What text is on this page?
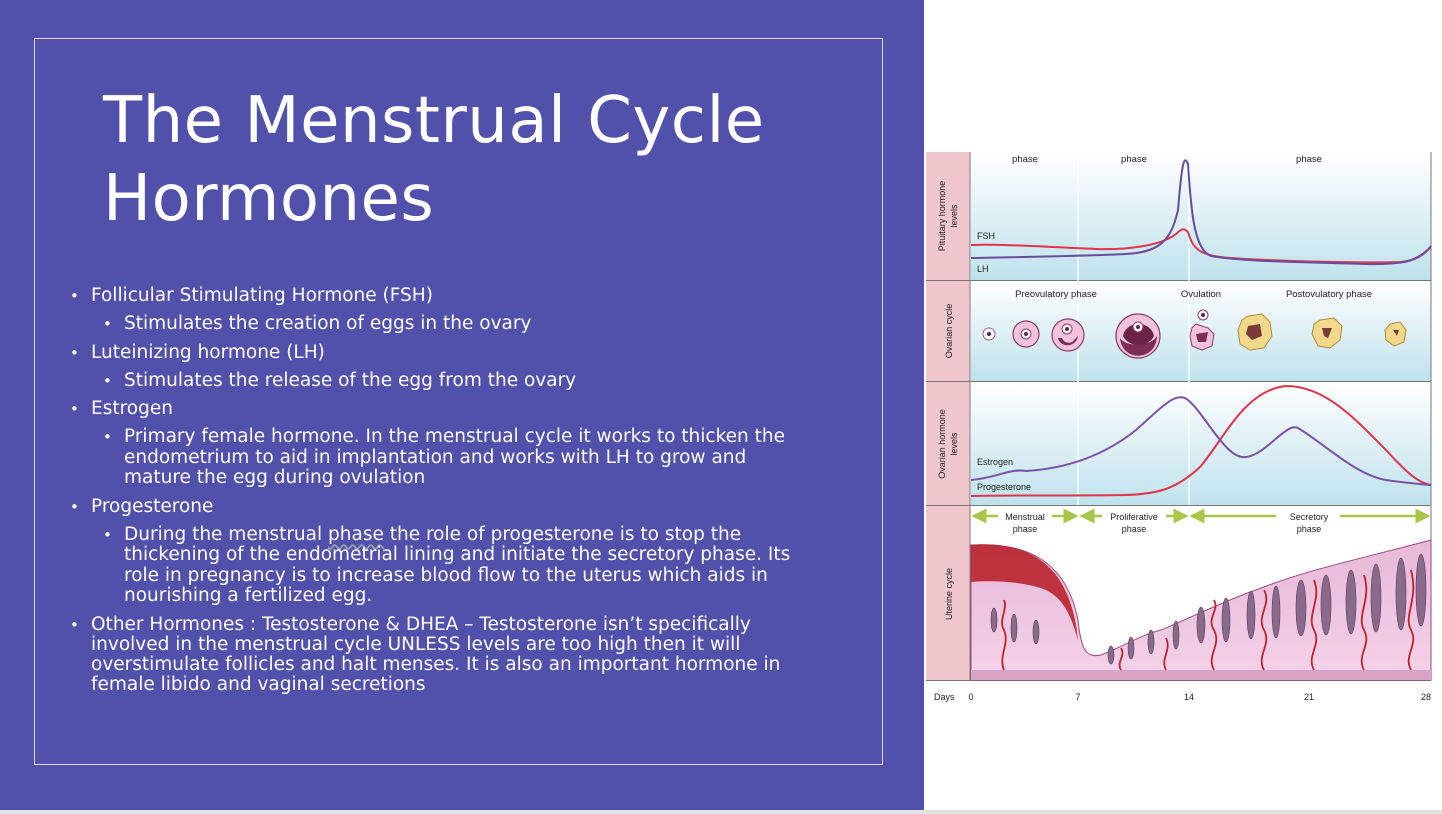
The Menstrual Cycle
Hormones
• Follicular Stimulating Hormone (FSH)
• Stimulates the creation of eggs in the ovary
• Luteinizing hormone (LH)
• Stimulates the release of the egg from the ovary
• Estrogen
• Primary female hormone. In the menstrual cycle it works to thicken the
endometrium to aid in implantation and works with LH to grow and
mature the egg during ovulation
• Progesterone
• During the menstrual phase the role of progesterone is to stop the
thickening of the endometrial lining and initiate the secretory phase. Its
role in pregnancy is to increase blood flow to the uterus which aids in
nourishing a fertilized egg.
• Other Hormones : Testosterone & DHEA – Testosterone isn’t specifically
involved in the menstrual cycle UNLESS levels are too high then it will
overstimulate follicles and halt menses. It is also an important hormone in
female libido and vaginal secretions
Pituitary hormone levels
Ovarian cycle
Ovarian hormone levels
Uterine cycle
phase	phase	phase
FSH
LH
Preovulatory phase	Ovulation	Postovulatory phase
Estrogen
Progesterone
Menstrual
phase
Proliferative
phase
Secretory
phase
Days 0	7	14	21	28
